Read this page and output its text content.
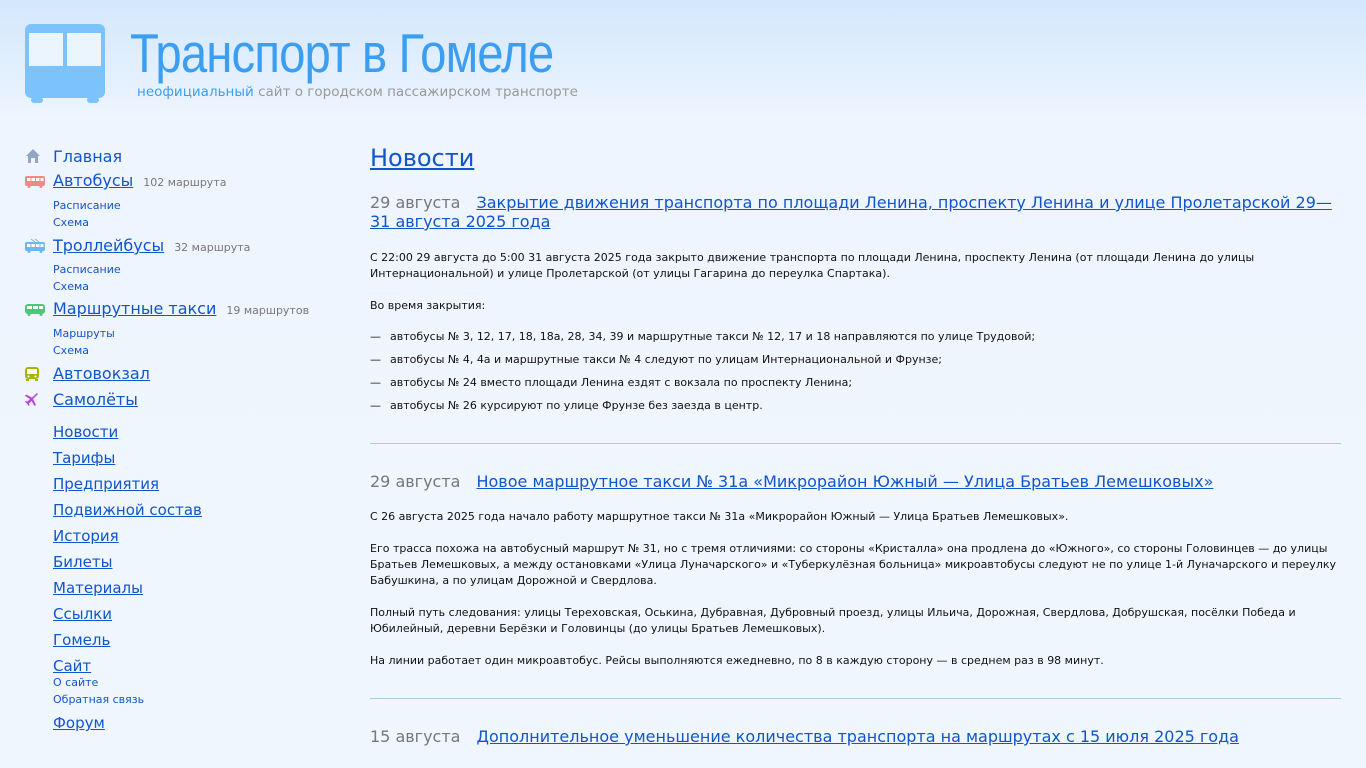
Транспорт в Гомеле
неофициальный сайт о городском пассажирском транспорте
Главная
Автобусы 102 маршрута
Расписание
Схема
Троллейбусы 32 маршрута
Расписание
Схема
Маршрутные такси 19 маршрутов
Маршруты
Схема
Автовокзал
Самолёты
Новости
Тарифы
Предприятия
Подвижной состав
История
Билеты
Материалы
Ссылки
Гомель
Сайт
О сайте
Обратная связь
Форум
Новости
29 августа Закрытие движения транспорта по площади Ленина, проспекту Ленина и улице Пролетарской 29—31 августа 2025 года

С 22:00 29 августа до 5:00 31 августа 2025 года закрыто движение транспорта по площади Ленина, проспекту Ленина (от площади Ленина до улицы Интернациональной) и улице Пролетарской (от улицы Гагарина до переулка Спартака).

Во время закрытия:

— автобусы № 3, 12, 17, 18, 18а, 28, 34, 39 и маршрутные такси № 12, 17 и 18 направляются по улице Трудовой;
— автобусы № 4, 4а и маршрутные такси № 4 следуют по улицам Интернациональной и Фрунзе;
— автобусы № 24 вместо площади Ленина ездят с вокзала по проспекту Ленина;
— автобусы № 26 курсируют по улице Фрунзе без заезда в центр.
29 августа Новое маршрутное такси № 31а «Микрорайон Южный — Улица Братьев Лемешковых»

С 26 августа 2025 года начало работу маршрутное такси № 31а «Микрорайон Южный — Улица Братьев Лемешковых».

Его трасса похожа на автобусный маршрут № 31, но с тремя отличиями: со стороны «Кристалла» она продлена до «Южного», со стороны Головинцев — до улицы Братьев Лемешковых, а между остановками «Улица Луначарского» и «Туберкулёзная больница» микроавтобусы следуют не по улице 1-й Луначарского и переулку Бабушкина, а по улицам Дорожной и Свердлова.

Полный путь следования: улицы Тереховская, Оськина, Дубравная, Дубровный проезд, улицы Ильича, Дорожная, Свердлова, Добрушская, посёлки Победа и Юбилейный, деревни Берёзки и Головинцы (до улицы Братьев Лемешковых).

На линии работает один микроавтобус. Рейсы выполняются ежедневно, по 8 в каждую сторону — в среднем раз в 98 минут.

15 августа Дополнительное уменьшение количества транспорта на маршрутах с 15 июля 2025 года
